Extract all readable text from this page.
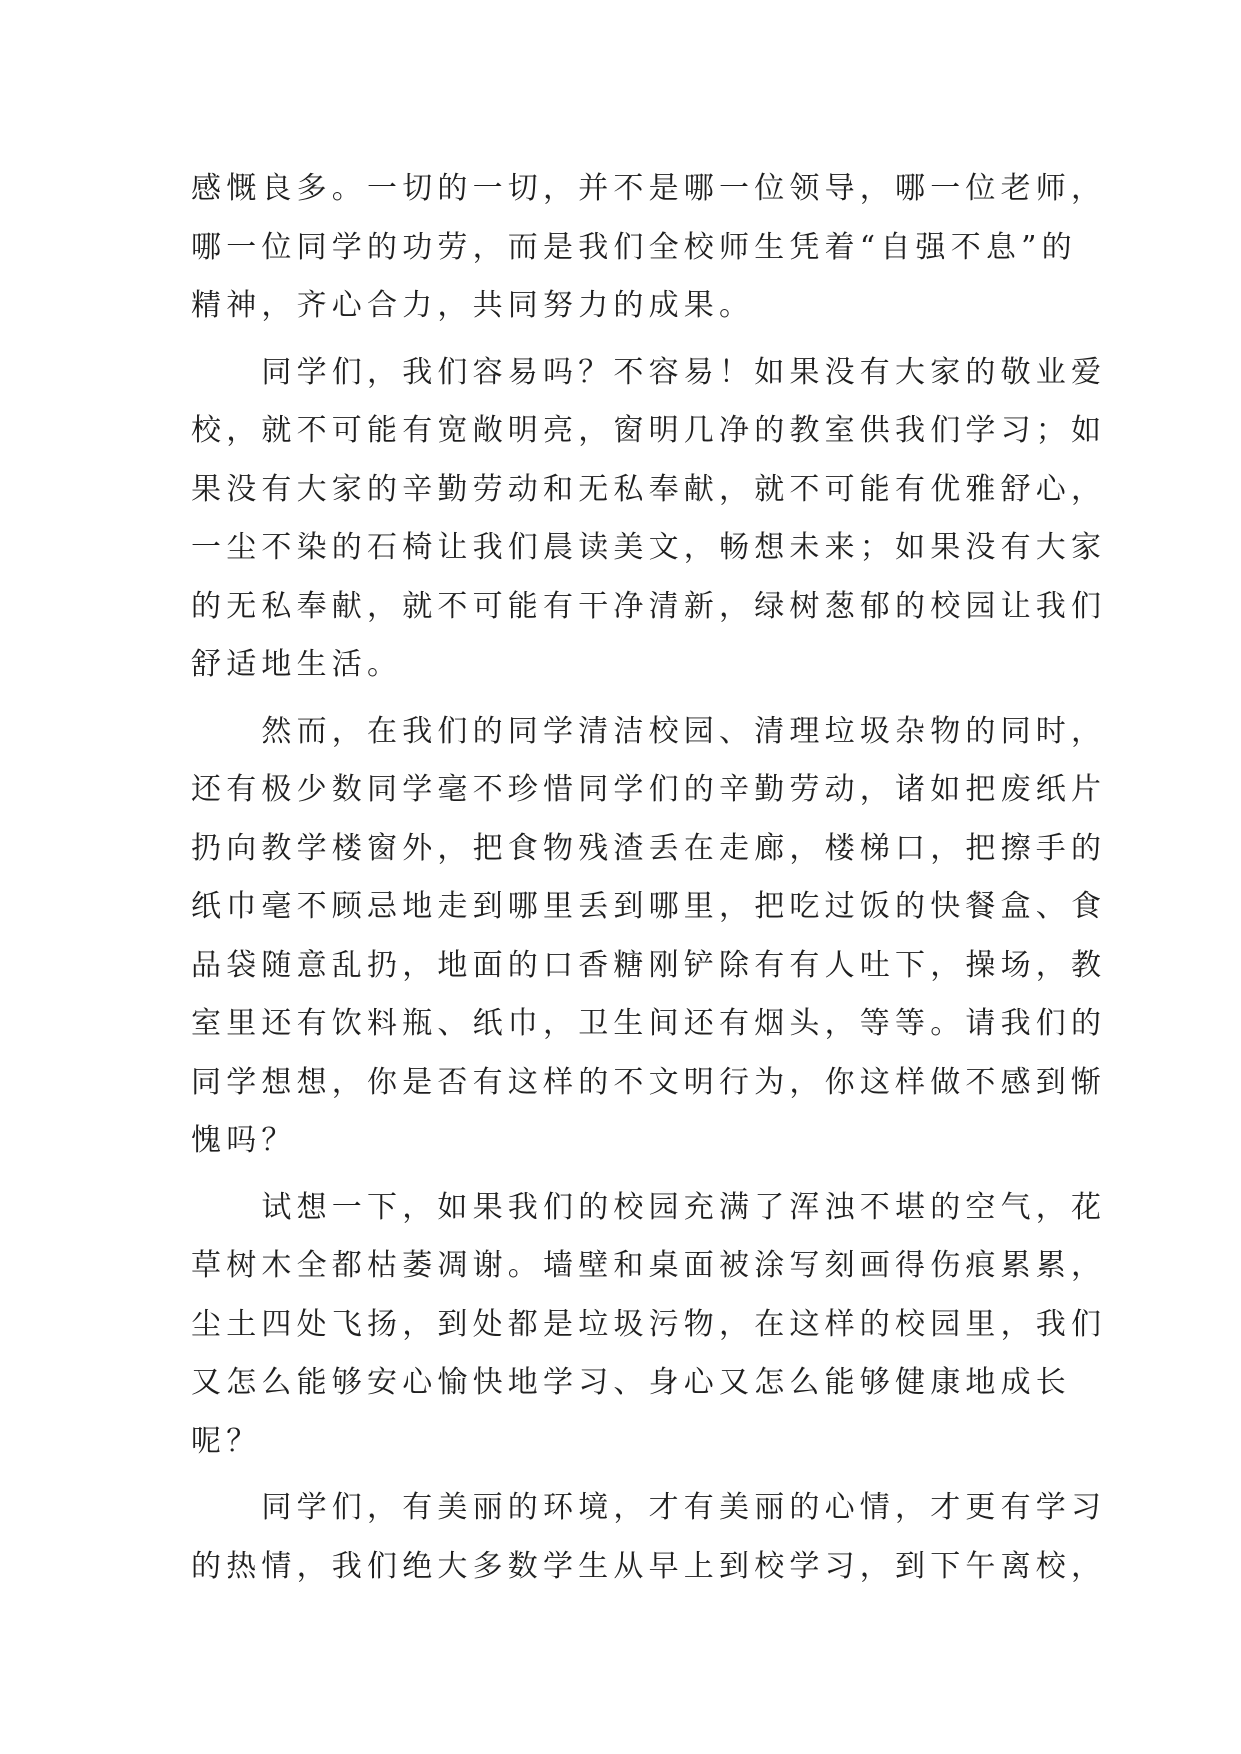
感慨良多。一切的一切，并不是哪一位领导，哪一位老师，
哪一位同学的功劳，而是我们全校师生凭着“自强不息”的
精神，齐心合力，共同努力的成果。
　　同学们，我们容易吗？不容易！如果没有大家的敬业爱
校，就不可能有宽敞明亮，窗明几净的教室供我们学习；如
果没有大家的辛勤劳动和无私奉献，就不可能有优雅舒心，
一尘不染的石椅让我们晨读美文，畅想未来；如果没有大家
的无私奉献，就不可能有干净清新，绿树葱郁的校园让我们
舒适地生活。
　　然而，在我们的同学清洁校园、清理垃圾杂物的同时，
还有极少数同学毫不珍惜同学们的辛勤劳动，诸如把废纸片
扔向教学楼窗外，把食物残渣丢在走廊，楼梯口，把擦手的
纸巾毫不顾忌地走到哪里丢到哪里，把吃过饭的快餐盒、食
品袋随意乱扔，地面的口香糖刚铲除有有人吐下，操场，教
室里还有饮料瓶、纸巾，卫生间还有烟头，等等。请我们的
同学想想，你是否有这样的不文明行为，你这样做不感到惭
愧吗？
　　试想一下，如果我们的校园充满了浑浊不堪的空气，花
草树木全都枯萎凋谢。墙壁和桌面被涂写刻画得伤痕累累，
尘土四处飞扬，到处都是垃圾污物，在这样的校园里，我们
又怎么能够安心愉快地学习、身心又怎么能够健康地成长
呢？
　　同学们，有美丽的环境，才有美丽的心情，才更有学习
的热情，我们绝大多数学生从早上到校学习，到下午离校，
